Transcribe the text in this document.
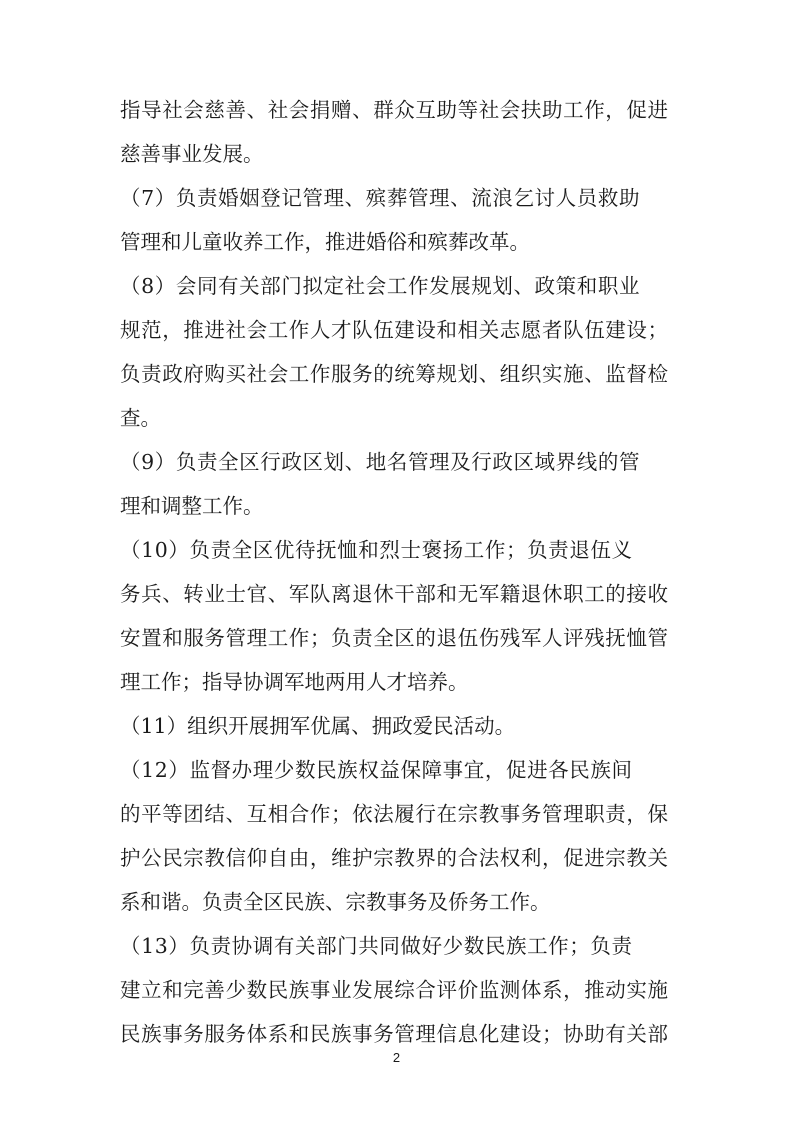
指导社会慈善、社会捐赠、群众互助等社会扶助工作，促进
慈善事业发展。
（7）负责婚姻登记管理、殡葬管理、流浪乞讨人员救助
管理和儿童收养工作，推进婚俗和殡葬改革。
（8）会同有关部门拟定社会工作发展规划、政策和职业
规范，推进社会工作人才队伍建设和相关志愿者队伍建设；
负责政府购买社会工作服务的统筹规划、组织实施、监督检
查。
（9）负责全区行政区划、地名管理及行政区域界线的管
理和调整工作。
（10）负责全区优待抚恤和烈士褒扬工作；负责退伍义
务兵、转业士官、军队离退休干部和无军籍退休职工的接收
安置和服务管理工作；负责全区的退伍伤残军人评残抚恤管
理工作；指导协调军地两用人才培养。
（11）组织开展拥军优属、拥政爱民活动。
（12）监督办理少数民族权益保障事宜，促进各民族间
的平等团结、互相合作；依法履行在宗教事务管理职责，保
护公民宗教信仰自由，维护宗教界的合法权利，促进宗教关
系和谐。负责全区民族、宗教事务及侨务工作。
（13）负责协调有关部门共同做好少数民族工作；负责
建立和完善少数民族事业发展综合评价监测体系，推动实施
民族事务服务体系和民族事务管理信息化建设；协助有关部
2
